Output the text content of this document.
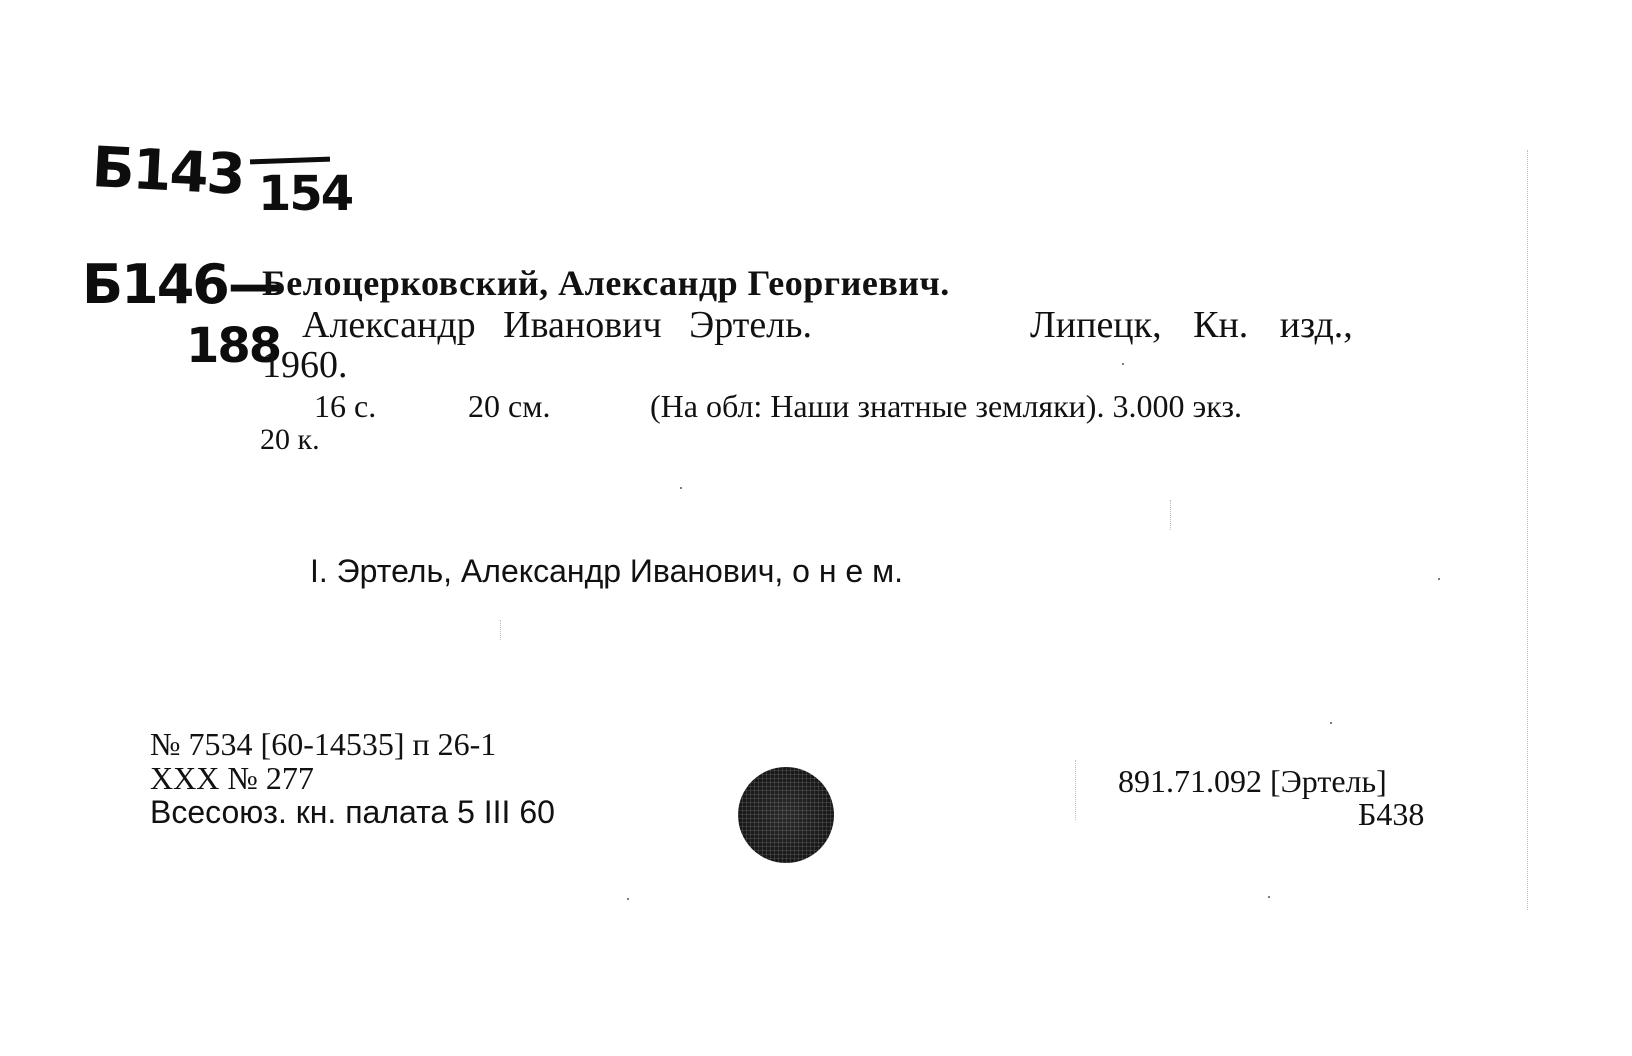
Б143 154
Б146—
188
Белоцерковский, Александр Георгиевич.
Александр Иванович Эртель.	Липецк, Кн. изд.,
1960.
16 с.	20 см.	(На обл: Наши знатные земляки). 3.000 экз.
20 к.
I. Эртель, Александр Иванович, о н е м.
№ 7534 [60-14535] п 26-1
XXX № 277
Всесоюз. кн. палата 5 III 60
891.71.092 [Эртель]
Б438
